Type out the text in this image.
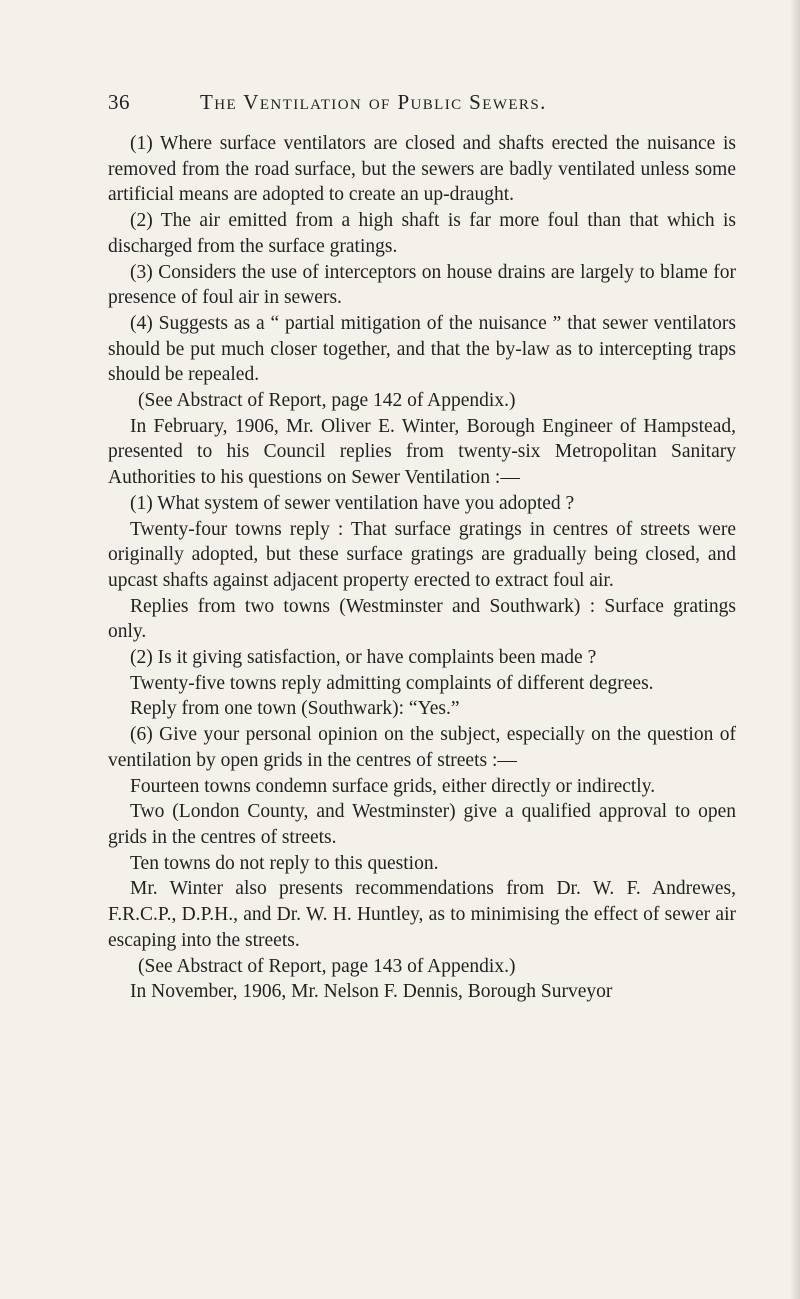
36	The Ventilation of Public Sewers.

(1) Where surface ventilators are closed and shafts erected the nuisance is removed from the road surface, but the sewers are badly ventilated unless some artificial means are adopted to create an up-draught.

(2) The air emitted from a high shaft is far more foul than that which is discharged from the surface gratings.

(3) Considers the use of interceptors on house drains are largely to blame for presence of foul air in sewers.

(4) Suggests as a “ partial mitigation of the nuisance ” that sewer ventilators should be put much closer together, and that the by-law as to intercepting traps should be repealed.

(See Abstract of Report, page 142 of Appendix.)

In February, 1906, Mr. Oliver E. Winter, Borough Engineer of Hampstead, presented to his Council replies from twenty-six Metropolitan Sanitary Authorities to his questions on Sewer Ventilation :—

(1) What system of sewer ventilation have you adopted ?

Twenty-four towns reply : That surface gratings in centres of streets were originally adopted, but these surface gratings are gradually being closed, and upcast shafts against adjacent property erected to extract foul air.

Replies from two towns (Westminster and Southwark) : Surface gratings only.

(2) Is it giving satisfaction, or have complaints been made ?

Twenty-five towns reply admitting complaints of different degrees.

Reply from one town (Southwark): “Yes.”

(6) Give your personal opinion on the subject, especially on the question of ventilation by open grids in the centres of streets :—

Fourteen towns condemn surface grids, either directly or indirectly.

Two (London County, and Westminster) give a qualified approval to open grids in the centres of streets.

Ten towns do not reply to this question.

Mr. Winter also presents recommendations from Dr. W. F. Andrewes, F.R.C.P., D.P.H., and Dr. W. H. Huntley, as to minimising the effect of sewer air escaping into the streets.

(See Abstract of Report, page 143 of Appendix.)

In November, 1906, Mr. Nelson F. Dennis, Borough Surveyor
